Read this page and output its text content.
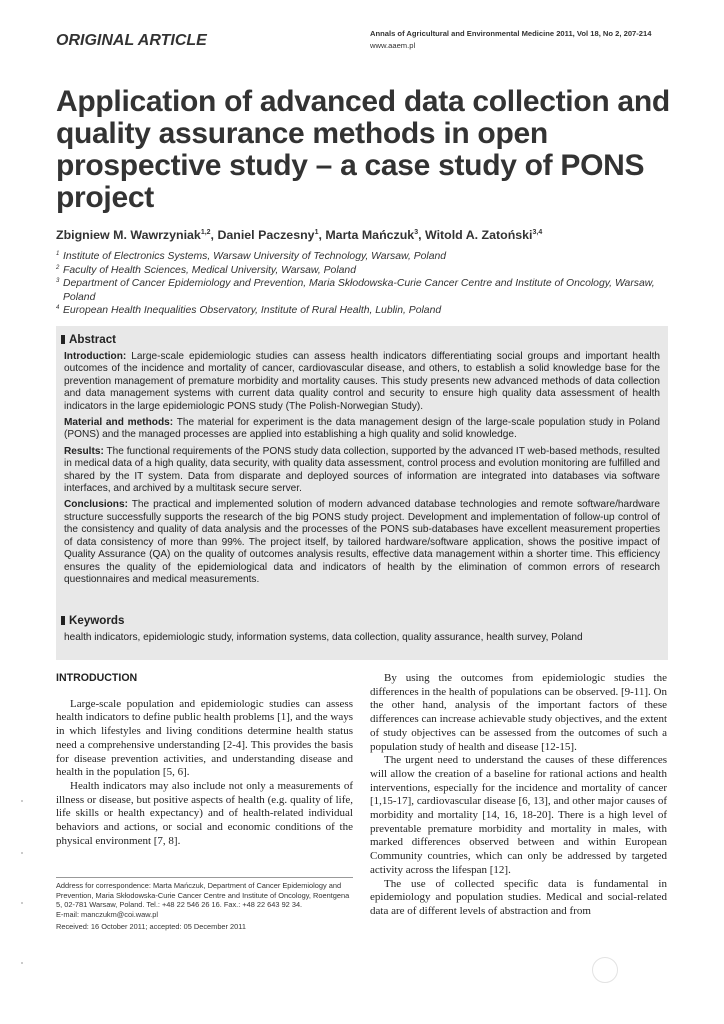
ORIGINAL ARTICLE	Annals of Agricultural and Environmental Medicine 2011, Vol 18, No 2, 207-214
www.aaem.pl
Application of advanced data collection and quality assurance methods in open prospective study – a case study of PONS project
Zbigniew M. Wawrzyniak$^{1,2}$, Daniel Paczesny$^1$, Marta Mańczuk$^3$, Witold A. Zatoński$^{3,4}$
1 Institute of Electronics Systems, Warsaw University of Technology, Warsaw, Poland
2 Faculty of Health Sciences, Medical University, Warsaw, Poland
3 Department of Cancer Epidemiology and Prevention, Maria Skłodowska-Curie Cancer Centre and Institute of Oncology, Warsaw, Poland
4 European Health Inequalities Observatory, Institute of Rural Health, Lublin, Poland
Abstract

Introduction: Large-scale epidemiologic studies can assess health indicators differentiating social groups and important health outcomes of the incidence and mortality of cancer, cardiovascular disease, and others, to establish a solid knowledge base for the prevention management of premature morbidity and mortality causes. This study presents new advanced methods of data collection and data management systems with current data quality control and security to ensure high quality data assessment of health indicators in the large epidemiologic PONS study (The Polish-Norwegian Study).

Material and methods: The material for experiment is the data management design of the large-scale population study in Poland (PONS) and the managed processes are applied into establishing a high quality and solid knowledge.

Results: The functional requirements of the PONS study data collection, supported by the advanced IT web-based methods, resulted in medical data of a high quality, data security, with quality data assessment, control process and evolution monitoring are fulfilled and shared by the IT system. Data from disparate and deployed sources of information are integrated into databases via software interfaces, and archived by a multitask secure server.

Conclusions: The practical and implemented solution of modern advanced database technologies and remote software/hardware structure successfully supports the research of the big PONS study project. Development and implementation of follow-up control of the consistency and quality of data analysis and the processes of the PONS sub-databases have excellent measurement properties of data consistency of more than 99%. The project itself, by tailored hardware/software application, shows the positive impact of Quality Assurance (QA) on the quality of outcomes analysis results, effective data management within a shorter time. This efficiency ensures the quality of the epidemiological data and indicators of health by the elimination of common errors of research questionnaires and medical measurements.

Keywords
health indicators, epidemiologic study, information systems, data collection, quality assurance, health survey, Poland

INTRODUCTION

Large-scale population and epidemiologic studies can assess health indicators to define public health problems [1], and the ways in which lifestyles and living conditions determine health status need a comprehensive understanding [2-4]. This provides the basis for disease prevention activities, and understanding disease and health in the population [5, 6].

Health indicators may also include not only a measurements of illness or disease, but positive aspects of health (e.g. quality of life, life skills or health expectancy) and of health-related individual behaviors and actions, or social and economic conditions of the physical environment [7, 8].

By using the outcomes from epidemiologic studies the differences in the health of populations can be observed. [9-11]. On the other hand, analysis of the important factors of these differences can increase achievable study objectives, and the extent of study objectives can be assessed from the outcomes of such a population study of health and disease [12-15].

The urgent need to understand the causes of these differences will allow the creation of a baseline for rational actions and health interventions, especially for the incidence and mortality of cancer [1,15-17], cardiovascular disease [6, 13], and other major causes of morbidity and mortality [14, 16, 18-20]. There is a high level of preventable premature morbidity and mortality in males, with marked differences observed between and within European Community countries, which can only be addressed by targeted activity across the lifespan [12].

The use of collected specific data is fundamental in epidemiology and population studies. Medical and social-related data are of different levels of abstraction and from

Address for correspondence: Marta Mańczuk, Department of Cancer Epidemiology and Prevention, Maria Skłodowska-Curie Cancer Centre and Institute of Oncology, Roentgena 5, 02-781 Warsaw, Poland. Tel.: +48 22 546 26 16. Fax.: +48 22 643 92 34.
E-mail: manczukm@coi.waw.pl
Received: 16 October 2011; accepted: 05 December 2011
